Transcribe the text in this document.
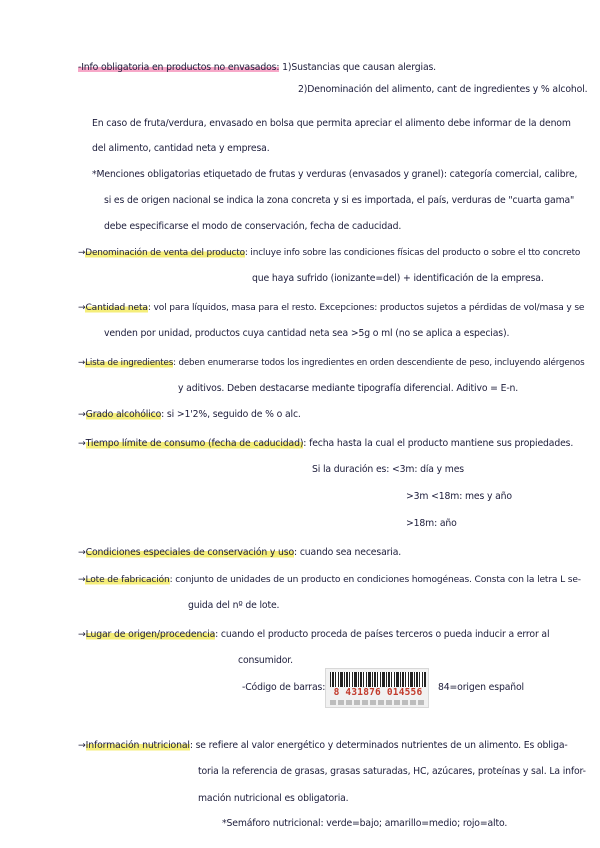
-Info obligatoria en productos no envasados: 1)Sustancias que causan alergias.
2)Denominación del alimento, cant de ingredientes y % alcohol.
En caso de fruta/verdura, envasado en bolsa que permita apreciar el alimento debe informar de la denom
del alimento, cantidad neta y empresa.
*Menciones obligatorias etiquetado de frutas y verduras (envasados y granel): categoría comercial, calibre,
si es de origen nacional se indica la zona concreta y si es importada, el país, verduras de "cuarta gama"
debe especificarse el modo de conservación, fecha de caducidad.
→Denominación de venta del producto: incluye info sobre las condiciones físicas del producto o sobre el tto concreto
que haya sufrido (ionizante=del) + identificación de la empresa.
→Cantidad neta: vol para líquidos, masa para el resto. Excepciones: productos sujetos a pérdidas de vol/masa y se
venden por unidad, productos cuya cantidad neta sea >5g o ml (no se aplica a especias).
→Lista de ingredientes: deben enumerarse todos los ingredientes en orden descendiente de peso, incluyendo alérgenos
y aditivos. Deben destacarse mediante tipografía diferencial. Aditivo = E-n.
→Grado alcohólico: si >1'2%, seguido de % o alc.
→Tiempo límite de consumo (fecha de caducidad): fecha hasta la cual el producto mantiene sus propiedades.
Si la duración es: <3m: día y mes
>3m <18m: mes y año
>18m: año
→Condiciones especiales de conservación y uso: cuando sea necesaria.
→Lote de fabricación: conjunto de unidades de un producto en condiciones homogéneas. Consta con la letra L se-
guida del nº de lote.
→Lugar de origen/procedencia: cuando el producto proceda de países terceros o pueda inducir a error al
consumidor.
-Código de barras: 8 431876 014556	84=origen español
→Información nutricional: se refiere al valor energético y determinados nutrientes de un alimento. Es obliga-
toria la referencia de grasas, grasas saturadas, HC, azúcares, proteínas y sal. La infor-
mación nutricional es obligatoria.
*Semáforo nutricional: verde=bajo; amarillo=medio; rojo=alto.
